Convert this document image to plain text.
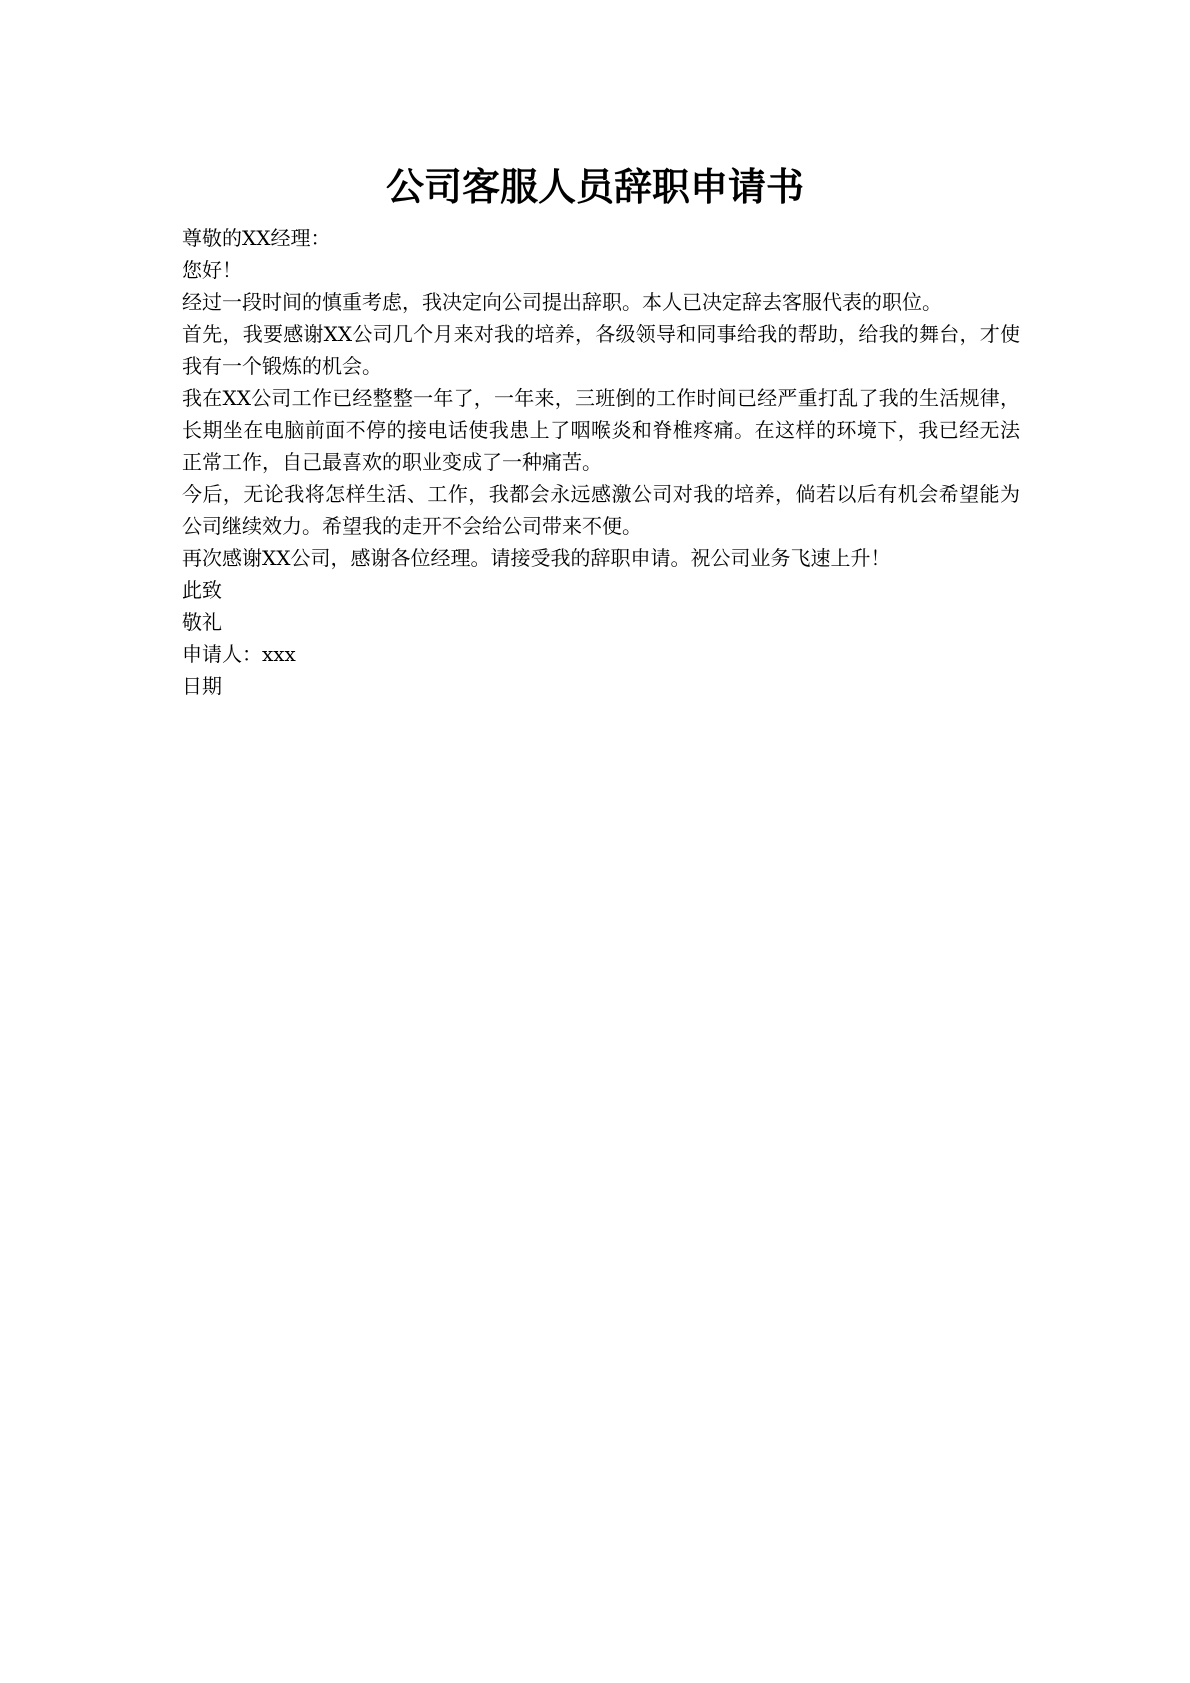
公司客服人员辞职申请书

尊敬的XX经理：

您好！

经过一段时间的慎重考虑，我决定向公司提出辞职。本人已决定辞去客服代表的职位。

首先，我要感谢XX公司几个月来对我的培养，各级领导和同事给我的帮助，给我的舞台，才使我有一个锻炼的机会。

我在XX公司工作已经整整一年了，一年来，三班倒的工作时间已经严重打乱了我的生活规律，长期坐在电脑前面不停的接电话使我患上了咽喉炎和脊椎疼痛。在这样的环境下，我已经无法正常工作，自己最喜欢的职业变成了一种痛苦。

今后，无论我将怎样生活、工作，我都会永远感激公司对我的培养，倘若以后有机会希望能为公司继续效力。希望我的走开不会给公司带来不便。

再次感谢XX公司，感谢各位经理。请接受我的辞职申请。祝公司业务飞速上升！

此致

敬礼

申请人：xxx

日期
